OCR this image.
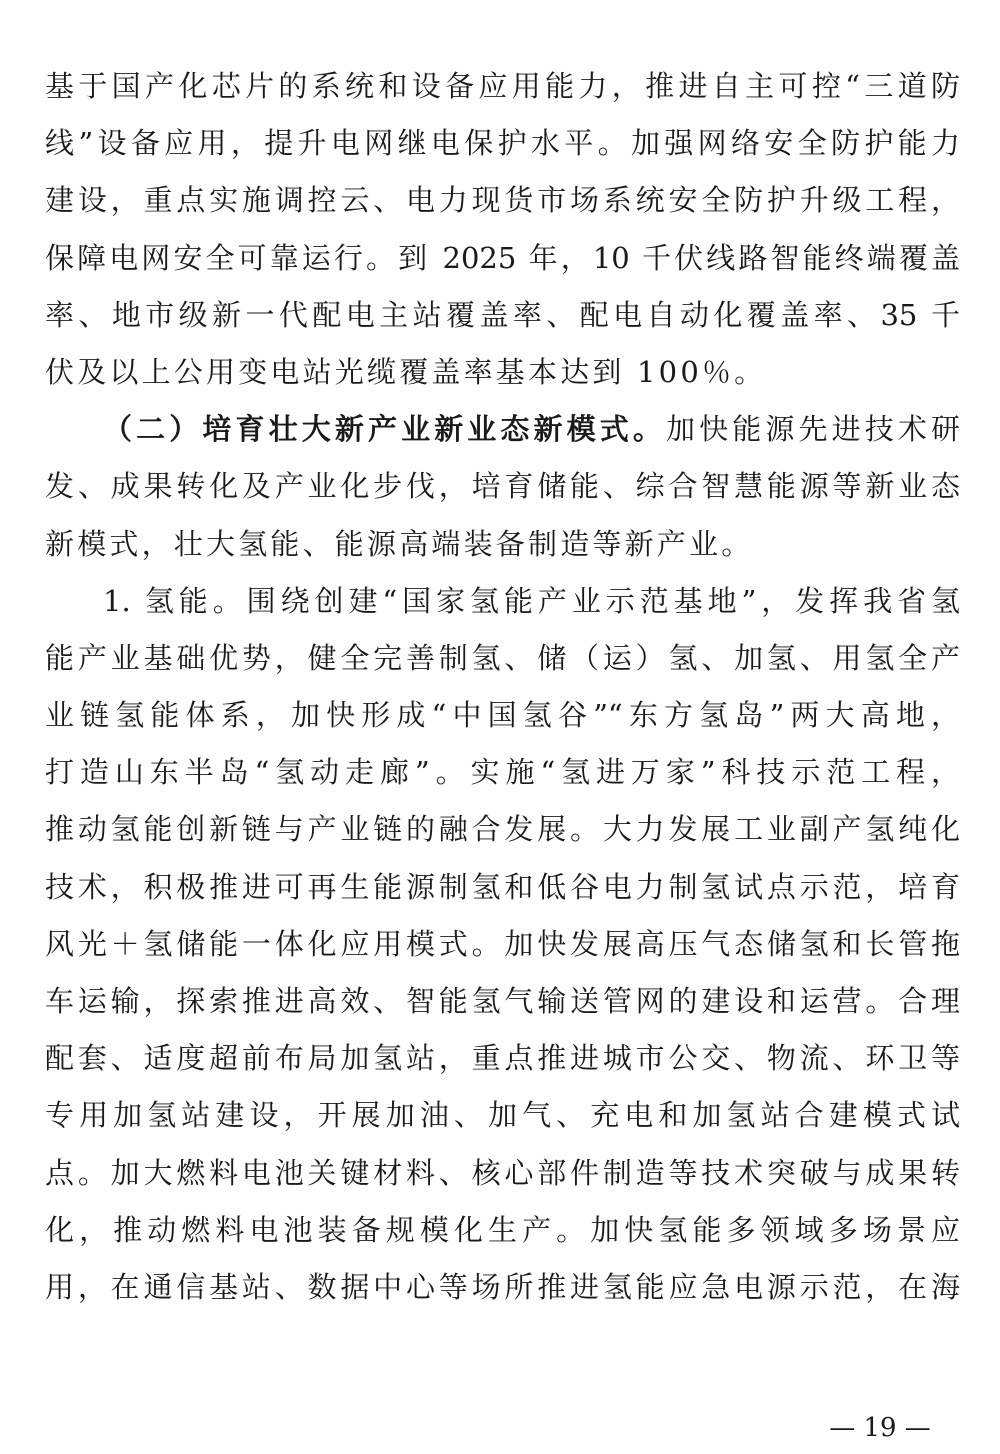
基于国产化芯片的系统和设备应用能力，推进自主可控“三道防
线”设备应用，提升电网继电保护水平。加强网络安全防护能力
建设，重点实施调控云、电力现货市场系统安全防护升级工程，
保障电网安全可靠运行。到 2025 年，10 千伏线路智能终端覆盖
率、地市级新一代配电主站覆盖率、配电自动化覆盖率、35 千
伏及以上公用变电站光缆覆盖率基本达到 100％。
（二）培育壮大新产业新业态新模式。加快能源先进技术研
发、成果转化及产业化步伐，培育储能、综合智慧能源等新业态
新模式，壮大氢能、能源高端装备制造等新产业。
1. 氢能。围绕创建“国家氢能产业示范基地”，发挥我省氢
能产业基础优势，健全完善制氢、储（运）氢、加氢、用氢全产
业链氢能体系，加快形成“中国氢谷”“东方氢岛”两大高地，
打造山东半岛“氢动走廊”。实施“氢进万家”科技示范工程，
推动氢能创新链与产业链的融合发展。大力发展工业副产氢纯化
技术，积极推进可再生能源制氢和低谷电力制氢试点示范，培育
风光＋氢储能一体化应用模式。加快发展高压气态储氢和长管拖
车运输，探索推进高效、智能氢气输送管网的建设和运营。合理
配套、适度超前布局加氢站，重点推进城市公交、物流、环卫等
专用加氢站建设，开展加油、加气、充电和加氢站合建模式试
点。加大燃料电池关键材料、核心部件制造等技术突破与成果转
化，推动燃料电池装备规模化生产。加快氢能多领域多场景应
用，在通信基站、数据中心等场所推进氢能应急电源示范，在海
— 19 —
